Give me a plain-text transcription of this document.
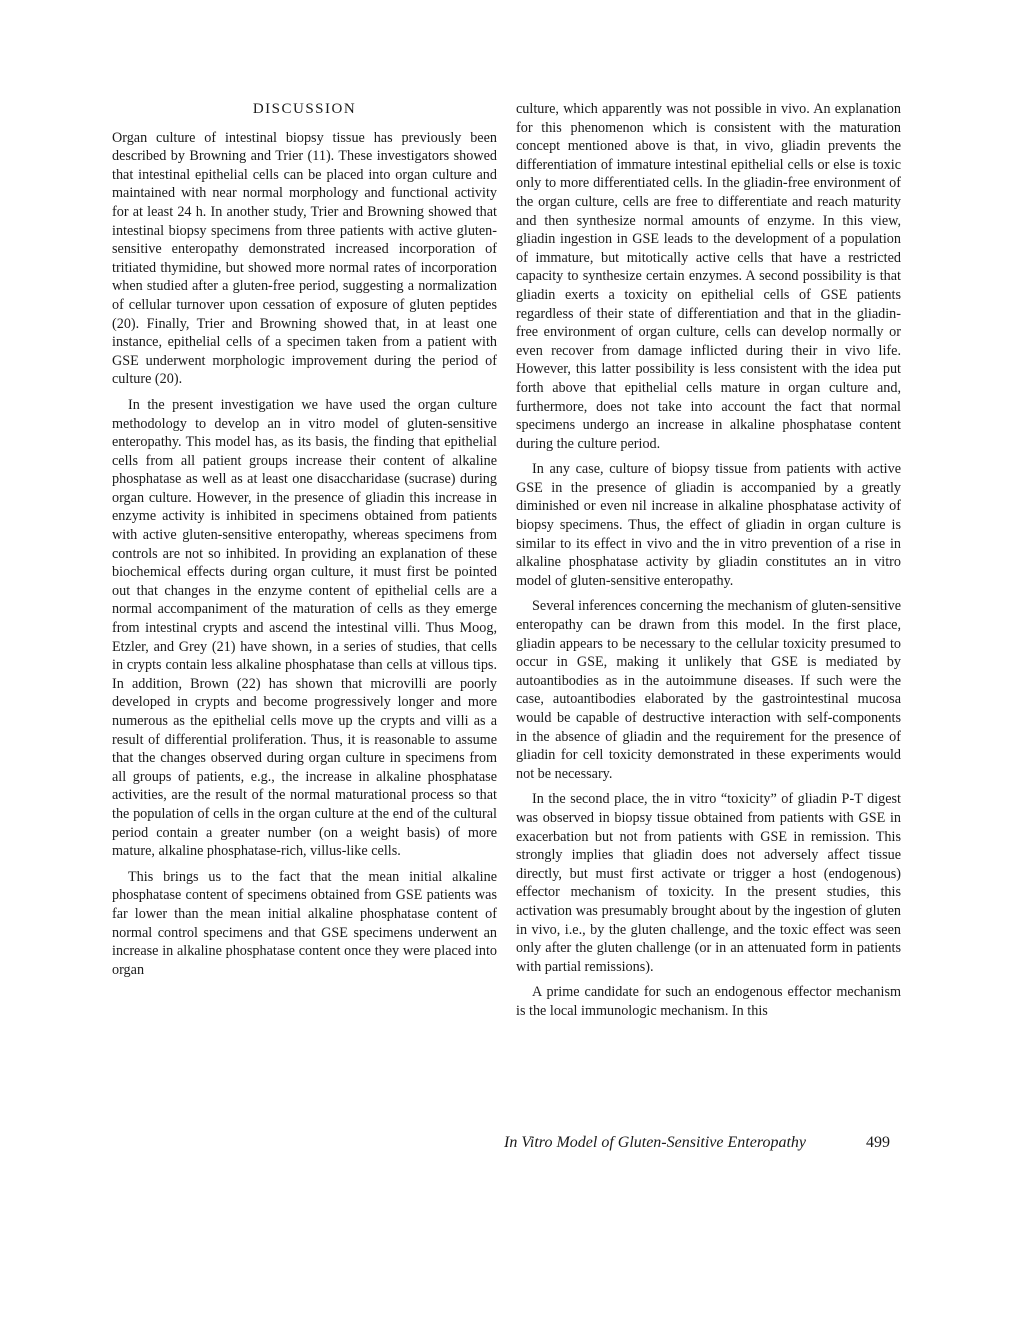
DISCUSSION

Organ culture of intestinal biopsy tissue has previously been described by Browning and Trier (11). These investigators showed that intestinal epithelial cells can be placed into organ culture and maintained with near normal morphology and functional activity for at least 24 h. In another study, Trier and Browning showed that intestinal biopsy specimens from three patients with active gluten-sensitive enteropathy demonstrated increased incorporation of tritiated thymidine, but showed more normal rates of incorporation when studied after a gluten-free period, suggesting a normalization of cellular turnover upon cessation of exposure of gluten peptides (20). Finally, Trier and Browning showed that, in at least one instance, epithelial cells of a specimen taken from a patient with GSE underwent morphologic improvement during the period of culture (20).

In the present investigation we have used the organ culture methodology to develop an in vitro model of gluten-sensitive enteropathy. This model has, as its basis, the finding that epithelial cells from all patient groups increase their content of alkaline phosphatase as well as at least one disaccharidase (sucrase) during organ culture. However, in the presence of gliadin this increase in enzyme activity is inhibited in specimens obtained from patients with active gluten-sensitive enteropathy, whereas specimens from controls are not so inhibited. In providing an explanation of these biochemical effects during organ culture, it must first be pointed out that changes in the enzyme content of epithelial cells are a normal accompaniment of the maturation of cells as they emerge from intestinal crypts and ascend the intestinal villi. Thus Moog, Etzler, and Grey (21) have shown, in a series of studies, that cells in crypts contain less alkaline phosphatase than cells at villous tips. In addition, Brown (22) has shown that microvilli are poorly developed in crypts and become progressively longer and more numerous as the epithelial cells move up the crypts and villi as a result of differential proliferation. Thus, it is reasonable to assume that the changes observed during organ culture in specimens from all groups of patients, e.g., the increase in alkaline phosphatase activities, are the result of the normal maturational process so that the population of cells in the organ culture at the end of the cultural period contain a greater number (on a weight basis) of more mature, alkaline phosphatase-rich, villus-like cells.

This brings us to the fact that the mean initial alkaline phosphatase content of specimens obtained from GSE patients was far lower than the mean initial alkaline phosphatase content of normal control specimens and that GSE specimens underwent an increase in alkaline phosphatase content once they were placed into organ

culture, which apparently was not possible in vivo. An explanation for this phenomenon which is consistent with the maturation concept mentioned above is that, in vivo, gliadin prevents the differentiation of immature intestinal epithelial cells or else is toxic only to more differentiated cells. In the gliadin-free environment of the organ culture, cells are free to differentiate and reach maturity and then synthesize normal amounts of enzyme. In this view, gliadin ingestion in GSE leads to the development of a population of immature, but mitotically active cells that have a restricted capacity to synthesize certain enzymes. A second possibility is that gliadin exerts a toxicity on epithelial cells of GSE patients regardless of their state of differentiation and that in the gliadin-free environment of organ culture, cells can develop normally or even recover from damage inflicted during their in vivo life. However, this latter possibility is less consistent with the idea put forth above that epithelial cells mature in organ culture and, furthermore, does not take into account the fact that normal specimens undergo an increase in alkaline phosphatase content during the culture period.

In any case, culture of biopsy tissue from patients with active GSE in the presence of gliadin is accompanied by a greatly diminished or even nil increase in alkaline phosphatase activity of biopsy specimens. Thus, the effect of gliadin in organ culture is similar to its effect in vivo and the in vitro prevention of a rise in alkaline phosphatase activity by gliadin constitutes an in vitro model of gluten-sensitive enteropathy.

Several inferences concerning the mechanism of gluten-sensitive enteropathy can be drawn from this model. In the first place, gliadin appears to be necessary to the cellular toxicity presumed to occur in GSE, making it unlikely that GSE is mediated by autoantibodies as in the autoimmune diseases. If such were the case, autoantibodies elaborated by the gastrointestinal mucosa would be capable of destructive interaction with self-components in the absence of gliadin and the requirement for the presence of gliadin for cell toxicity demonstrated in these experiments would not be necessary.

In the second place, the in vitro “toxicity” of gliadin P-T digest was observed in biopsy tissue obtained from patients with GSE in exacerbation but not from patients with GSE in remission. This strongly implies that gliadin does not adversely affect tissue directly, but must first activate or trigger a host (endogenous) effector mechanism of toxicity. In the present studies, this activation was presumably brought about by the ingestion of gluten in vivo, i.e., by the gluten challenge, and the toxic effect was seen only after the gluten challenge (or in an attenuated form in patients with partial remissions).

A prime candidate for such an endogenous effector mechanism is the local immunologic mechanism. In this

In Vitro Model of Gluten-Sensitive Enteropathy	499
